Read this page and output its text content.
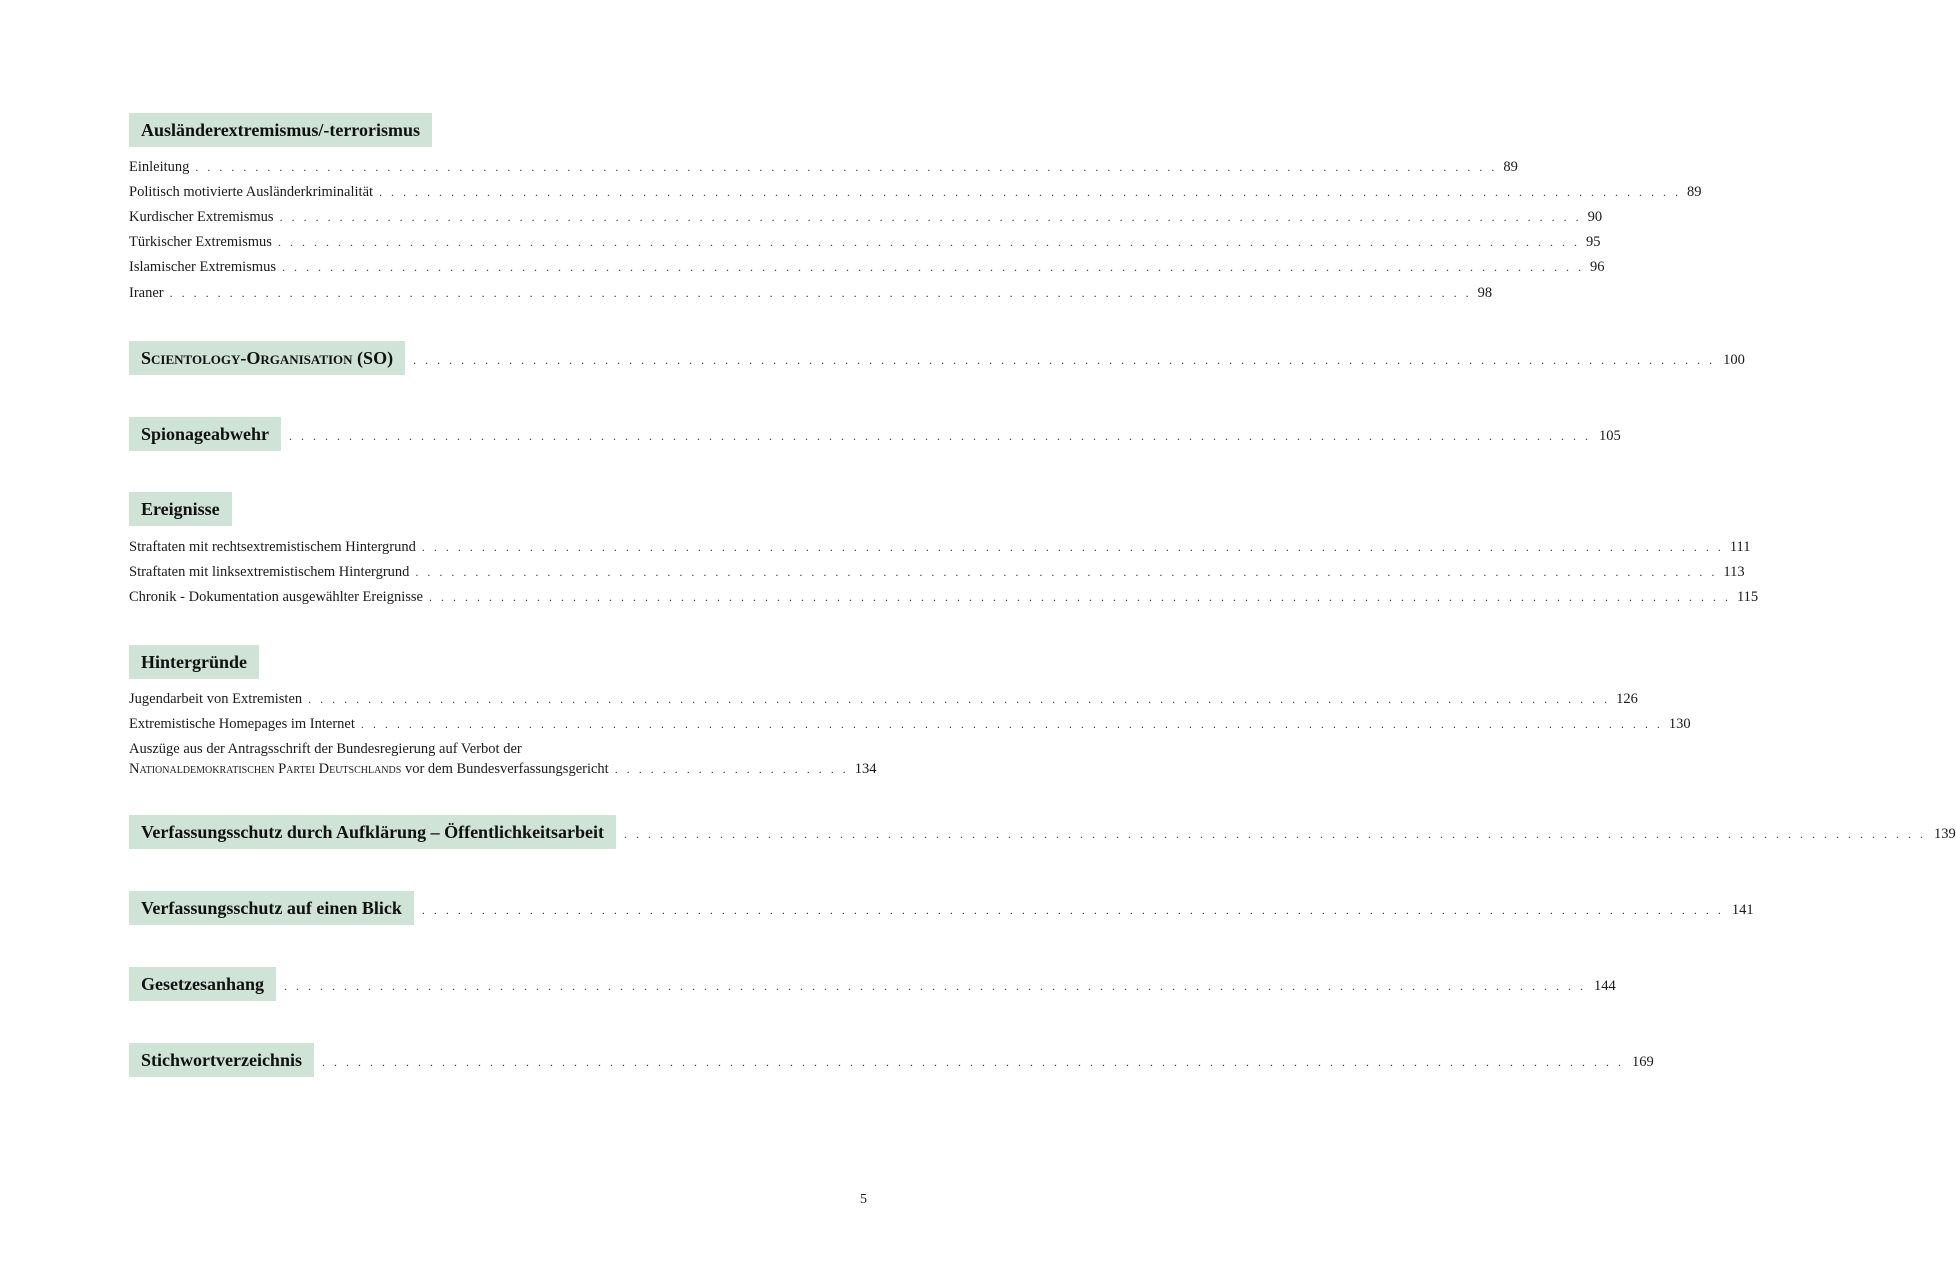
Ausländerextremismus/-terrorismus
Einleitung . . .	89
Politisch motivierte Ausländerkriminalität . . .	89
Kurdischer Extremismus . . .	90
Türkischer Extremismus . . .	95
Islamischer Extremismus . . .	96
Iraner . . .	98
Scientology-Organisation (SO) . . .	100
Spionageabwehr . . .	105
Ereignisse
Straftaten mit rechtsextremistischem Hintergrund . . .	111
Straftaten mit linksextremistischem Hintergrund . . .	113
Chronik - Dokumentation ausgewählter Ereignisse . . .	115
Hintergründe
Jugendarbeit von Extremisten . . .	126
Extremistische Homepages im Internet . . .	130
Auszüge aus der Antragsschrift der Bundesregierung auf Verbot der
Nationaldemokratischen Partei Deutschlands vor dem Bundesverfassungsgericht . . . . . . . . . . . . . . . . . . . . 134
Verfassungsschutz durch Aufklärung – Öffentlichkeitsarbeit . . .	139
Verfassungsschutz auf einen Blick . . .	141
Gesetzesanhang . . .	144
Stichwortverzeichnis . . .	169
5
